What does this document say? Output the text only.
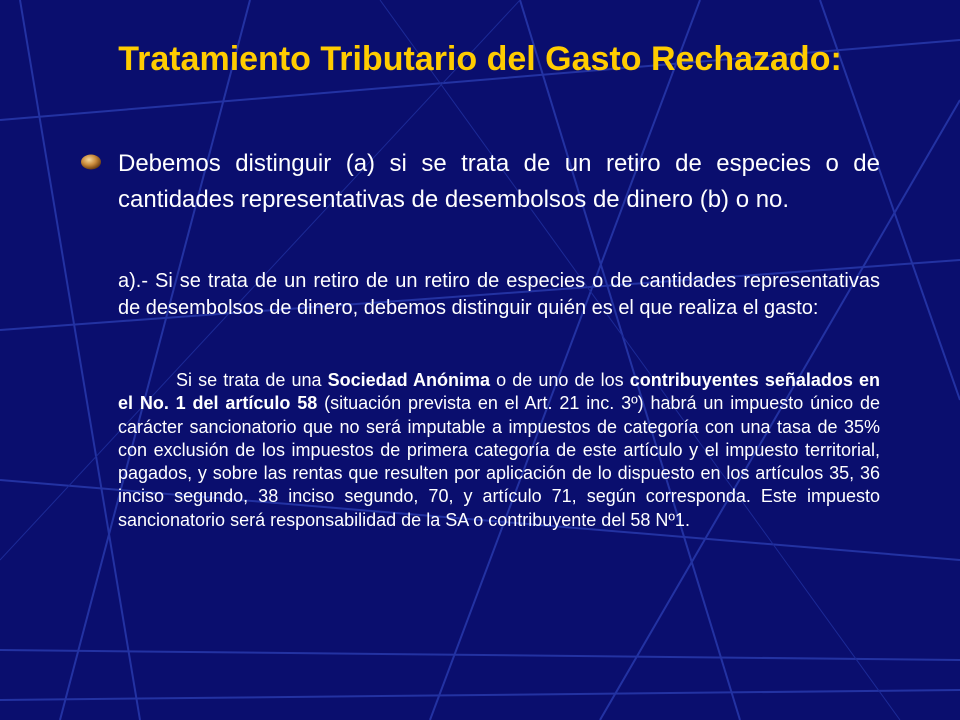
Tratamiento Tributario del Gasto Rechazado:

Debemos distinguir (a) si se trata de un retiro de especies o de cantidades representativas de desembolsos de dinero (b) o no.

a).- Si se trata de un retiro de un retiro de especies o de cantidades representativas de desembolsos de dinero, debemos distinguir quién es el que realiza el gasto:

Si se trata de una Sociedad Anónima o de uno de los contribuyentes señalados en el No. 1 del artículo 58 (situación prevista en el Art. 21 inc. 3º) habrá un impuesto único de carácter sancionatorio que no será imputable a impuestos de categoría con una tasa de 35% con exclusión de los impuestos de primera categoría de este artículo y el impuesto territorial, pagados, y sobre las rentas que resulten por aplicación de lo dispuesto en los artículos 35, 36 inciso segundo, 38 inciso segundo, 70, y artículo 71, según corresponda. Este impuesto sancionatorio será responsabilidad de la SA o contribuyente del 58 Nº1.
